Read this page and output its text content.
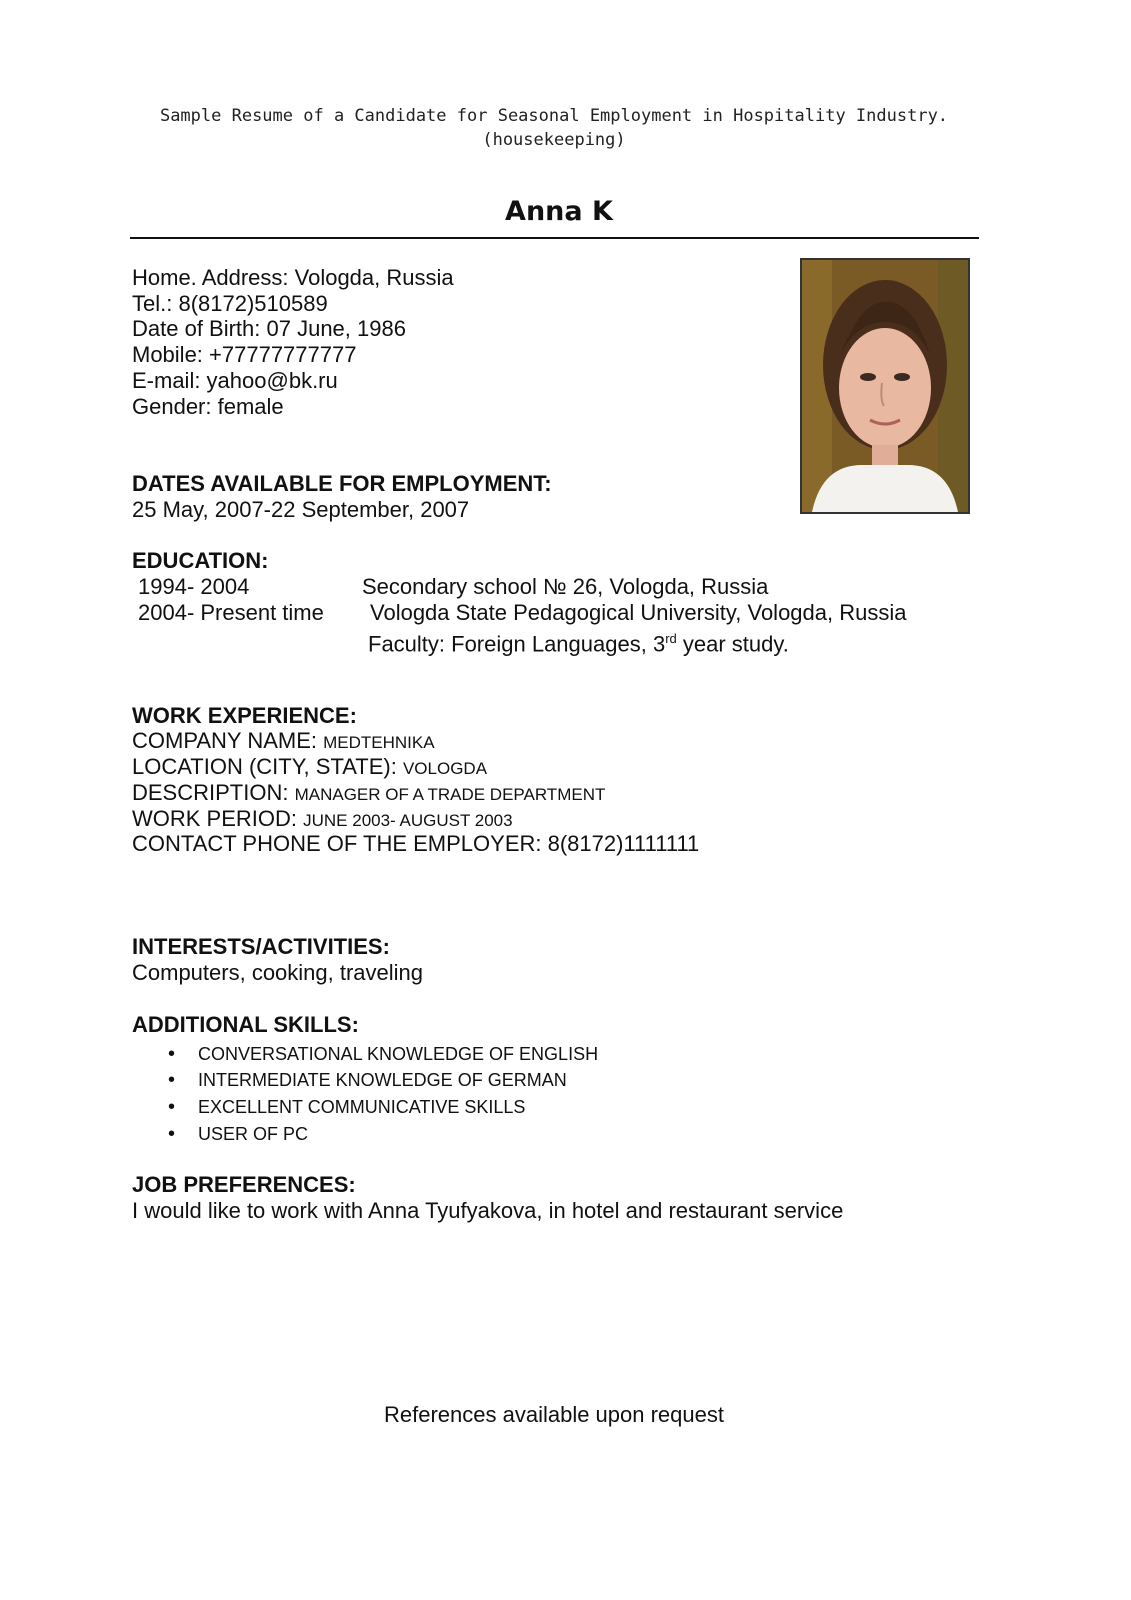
Sample Resume of a Candidate for Seasonal Employment in Hospitality Industry.
(housekeeping)
Anna K
Home. Address: Vologda, Russia
Tel.: 8(8172)510589
Date of Birth: 07 June, 1986
Mobile: +77777777777
E-mail: yahoo@bk.ru
Gender: female
DATES AVAILABLE FOR EMPLOYMENT:
25 May, 2007-22 September, 2007
EDUCATION:
1994- 2004	Secondary school № 26, Vologda, Russia
2004- Present time Vologda State Pedagogical University, Vologda, Russia
Faculty: Foreign Languages, 3rd year study.
WORK EXPERIENCE:
COMPANY NAME: MEDTEHNIKA
LOCATION (CITY, STATE): VOLOGDA
DESCRIPTION: MANAGER OF A TRADE DEPARTMENT
WORK PERIOD: JUNE 2003- AUGUST 2003
CONTACT PHONE OF THE EMPLOYER: 8(8172)1111111
INTERESTS/ACTIVITIES:
Computers, cooking, traveling
ADDITIONAL SKILLS:
• CONVERSATIONAL KNOWLEDGE OF ENGLISH
• INTERMEDIATE KNOWLEDGE OF GERMAN
• EXCELLENT COMMUNICATIVE SKILLS
• USER OF PC
JOB PREFERENCES:
I would like to work with Anna Tyufyakova, in hotel and restaurant service
References available upon request
